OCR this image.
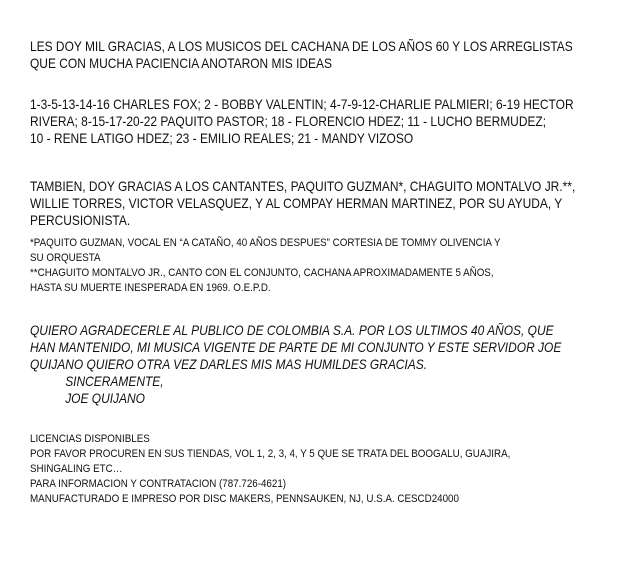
LES DOY MIL GRACIAS, A LOS MUSICOS DEL CACHANA DE LOS AÑOS 60 Y LOS ARREGLISTAS
QUE CON MUCHA PACIENCIA ANOTARON MIS IDEAS
1-3-5-13-14-16 CHARLES FOX; 2 - BOBBY VALENTIN; 4-7-9-12-CHARLIE PALMIERI; 6-19 HECTOR
RIVERA; 8-15-17-20-22 PAQUITO PASTOR; 18 - FLORENCIO HDEZ; 11 - LUCHO BERMUDEZ;
10 - RENE LATIGO HDEZ; 23 - EMILIO REALES; 21 - MANDY VIZOSO
TAMBIEN, DOY GRACIAS A LOS CANTANTES, PAQUITO GUZMAN*, CHAGUITO MONTALVO JR.**,
WILLIE TORRES, VICTOR VELASQUEZ, Y AL COMPAY HERMAN MARTINEZ, POR SU AYUDA, Y
PERCUSIONISTA.
*PAQUITO GUZMAN, VOCAL EN “A CATAÑO, 40 AÑOS DESPUES” CORTESIA DE TOMMY OLIVENCIA Y
SU ORQUESTA
**CHAGUITO MONTALVO JR., CANTO CON EL CONJUNTO, CACHANA APROXIMADAMENTE 5 AÑOS,
HASTA SU MUERTE INESPERADA EN 1969. O.E.P.D.
QUIERO AGRADECERLE AL PUBLICO DE COLOMBIA S.A. POR LOS ULTIMOS 40 AÑOS, QUE
HAN MANTENIDO, MI MUSICA VIGENTE DE PARTE DE MI CONJUNTO Y ESTE SERVIDOR JOE
QUIJANO QUIERO OTRA VEZ DARLES MIS MAS HUMILDES GRACIAS.
SINCERAMENTE,
JOE QUIJANO
LICENCIAS DISPONIBLES
POR FAVOR PROCUREN EN SUS TIENDAS, VOL 1, 2, 3, 4, Y 5 QUE SE TRATA DEL BOOGALU, GUAJIRA,
SHINGALING ETC…
PARA INFORMACION Y CONTRATACION (787.726-4621)
MANUFACTURADO E IMPRESO POR DISC MAKERS, PENNSAUKEN, NJ, U.S.A. CESCD24000
